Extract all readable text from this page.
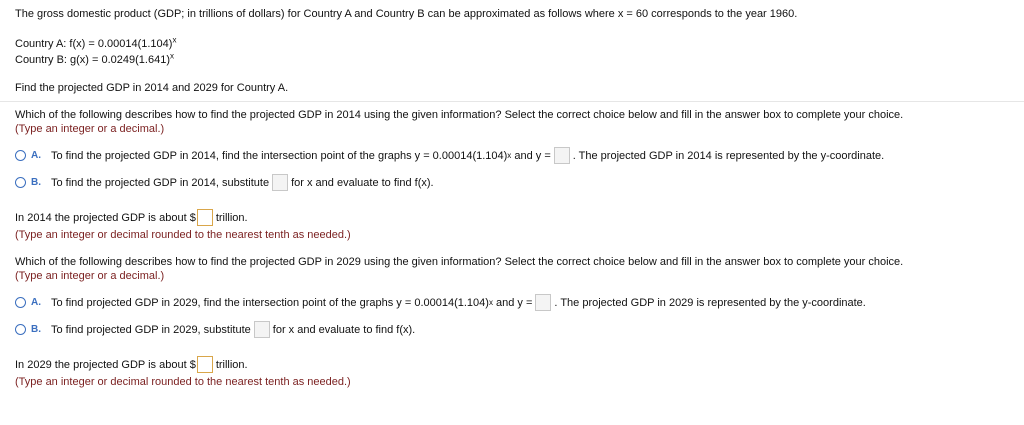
The gross domestic product (GDP; in trillions of dollars) for Country A and Country B can be approximated as follows where x = 60 corresponds to the year 1960.
Country A: $f(x) = 0.00014(1.104)^x$
Country B: $g(x) = 0.0249(1.641)^x$
Find the projected GDP in 2014 and 2029 for Country A.
Which of the following describes how to find the projected GDP in 2014 using the given information? Select the correct choice below and fill in the answer box to complete your choice.
(Type an integer or a decimal.)
A. To find the projected GDP in 2014, find the intersection point of the graphs y = 0.00014(1.104) x and y = . The projected GDP in 2014 is represented by the y-coordinate.
B. To find the projected GDP in 2014, substitute for x and evaluate to find f(x).
In 2014 the projected GDP is about $ trillion.
(Type an integer or decimal rounded to the nearest tenth as needed.)
Which of the following describes how to find the projected GDP in 2029 using the given information? Select the correct choice below and fill in the answer box to complete your choice.
(Type an integer or a decimal.)
A. To find projected GDP in 2029, find the intersection point of the graphs y = 0.00014(1.104) x and y = . The projected GDP in 2029 is represented by the y-coordinate.
B. To find projected GDP in 2029, substitute for x and evaluate to find f(x).
In 2029 the projected GDP is about $ trillion.
(Type an integer or decimal rounded to the nearest tenth as needed.)
